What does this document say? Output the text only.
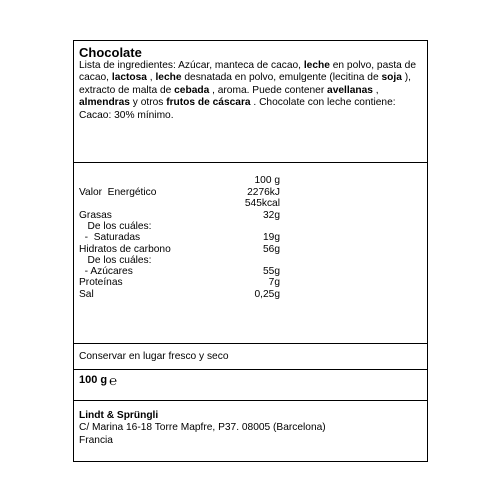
Chocolate
Lista de ingredientes: Azúcar, manteca de cacao, leche en polvo, pasta de cacao, lactosa , leche desnatada en polvo, emulgente (lecitina de soja ), extracto de malta de cebada , aroma. Puede contener avellanas , almendras y otros frutos de cáscara . Chocolate con leche contiene: Cacao: 30% mínimo.
100 g
Valor  Energético	2276kJ
545kcal
Grasas	32g
De los cuáles:
-  Saturadas	19g
Hidratos de carbono	56g
De los cuáles:
- Azúcares	55g
Proteínas	7g
Sal	0,25g
Conservar en lugar fresco y seco
100 g ℮
Lindt & Sprüngli
C/ Marina 16-18 Torre Mapfre, P37. 08005 (Barcelona)
Francia
